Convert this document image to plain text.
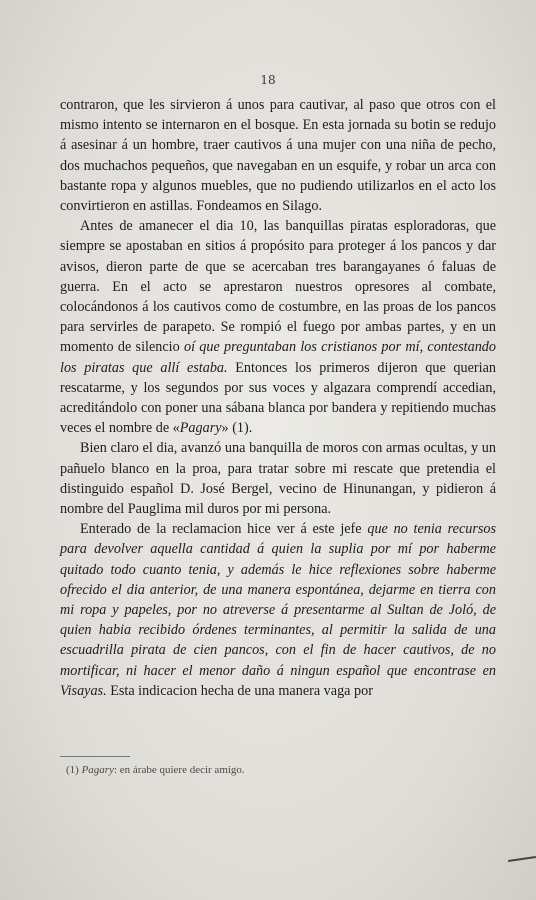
18

contraron, que les sirvieron á unos para cautivar, al paso que otros con el mismo intento se internaron en el bosque. En esta jornada su botin se redujo á asesinar á un hombre, traer cautivos á una mujer con una niña de pecho, dos muchachos pequeños, que navegaban en un esquife, y robar un arca con bastante ropa y algunos muebles, que no pudiendo utilizarlos en el acto los convirtieron en astillas. Fondeamos en Silago.

Antes de amanecer el dia 10, las banquillas piratas esploradoras, que siempre se apostaban en sitios á propósito para proteger á los pancos y dar avisos, dieron parte de que se acercaban tres barangayanes ó faluas de guerra. En el acto se aprestaron nuestros opresores al combate, colocándonos á los cautivos como de costumbre, en las proas de los pancos para servirles de parapeto. Se rompió el fuego por ambas partes, y en un momento de silencio oí que preguntaban los cristianos por mí, contestando los piratas que allí estaba. Entonces los primeros dijeron que querian rescatarme, y los segundos por sus voces y algazara comprendí accedian, acreditándolo con poner una sábana blanca por bandera y repitiendo muchas veces el nombre de «Pagary» (1).

Bien claro el dia, avanzó una banquilla de moros con armas ocultas, y un pañuelo blanco en la proa, para tratar sobre mi rescate que pretendia el distinguido español D. José Bergel, vecino de Hinunangan, y pidieron á nombre del Pauglima mil duros por mi persona.

Enterado de la reclamacion hice ver á este jefe que no tenia recursos para devolver aquella cantidad á quien la suplia por mí por haberme quitado todo cuanto tenia, y además le hice reflexiones sobre haberme ofrecido el dia anterior, de una manera espontánea, dejarme en tierra con mi ropa y papeles, por no atreverse á presentarme al Sultan de Joló, de quien habia recibido órdenes terminantes, al permitir la salida de una escuadrilla pirata de cien pancos, con el fin de hacer cautivos, de no mortificar, ni hacer el menor daño á ningun español que encontrase en Visayas. Esta indicacion hecha de una manera vaga por

(1) Pagary: en árabe quiere decir amigo.
